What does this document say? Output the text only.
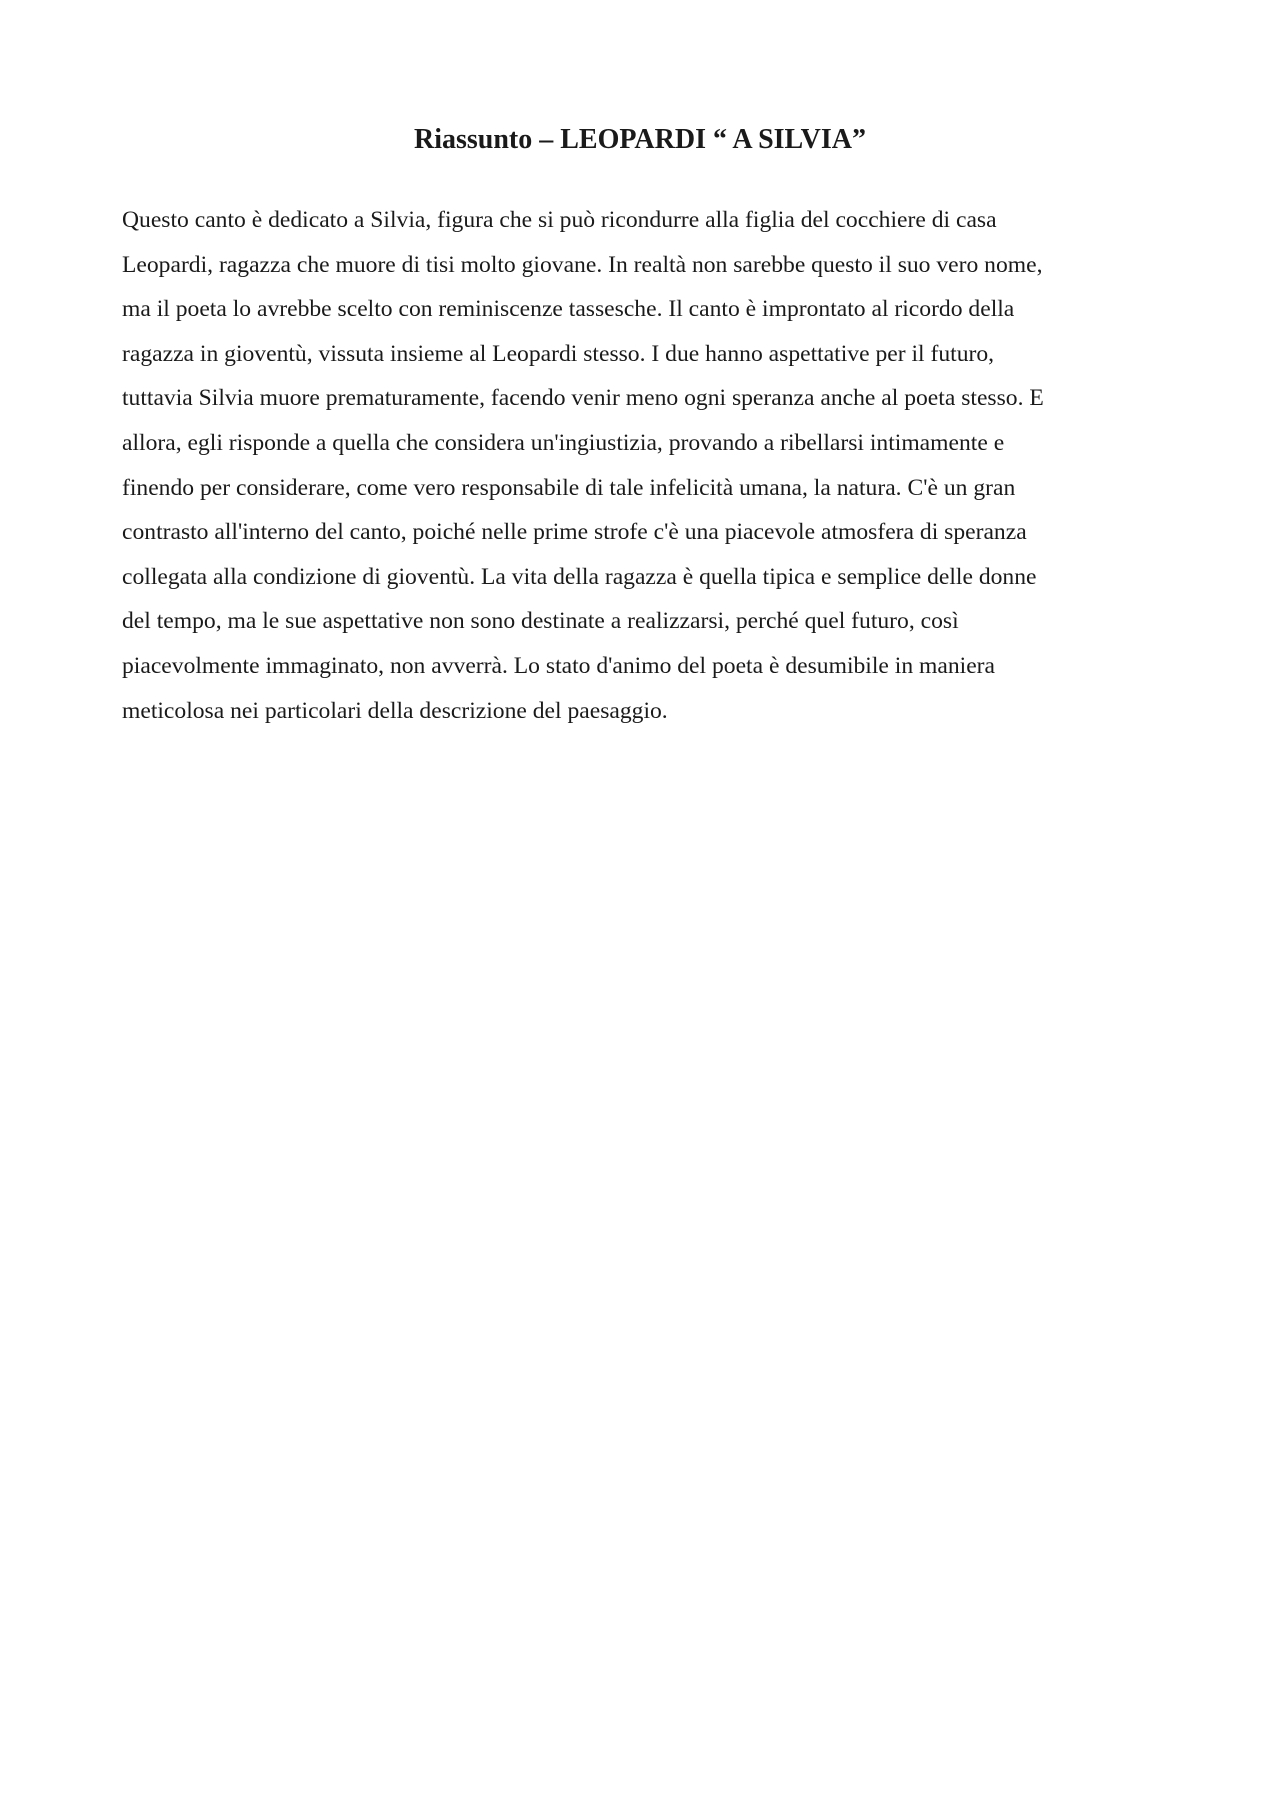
Riassunto – LEOPARDI “ A SILVIA”

Questo canto è dedicato a Silvia, figura che si può ricondurre alla figlia del cocchiere di casa
Leopardi, ragazza che muore di tisi molto giovane. In realtà non sarebbe questo il suo vero nome,
ma il poeta lo avrebbe scelto con reminiscenze tassesche. Il canto è improntato al ricordo della
ragazza in gioventù, vissuta insieme al Leopardi stesso. I due hanno aspettative per il futuro,
tuttavia Silvia muore prematuramente, facendo venir meno ogni speranza anche al poeta stesso. E
allora, egli risponde a quella che considera un'ingiustizia, provando a ribellarsi intimamente e
finendo per considerare, come vero responsabile di tale infelicità umana, la natura. C'è un gran
contrasto all'interno del canto, poiché nelle prime strofe c'è una piacevole atmosfera di speranza
collegata alla condizione di gioventù. La vita della ragazza è quella tipica e semplice delle donne
del tempo, ma le sue aspettative non sono destinate a realizzarsi, perché quel futuro, così
piacevolmente immaginato, non avverrà. Lo stato d'animo del poeta è desumibile in maniera
meticolosa nei particolari della descrizione del paesaggio.
